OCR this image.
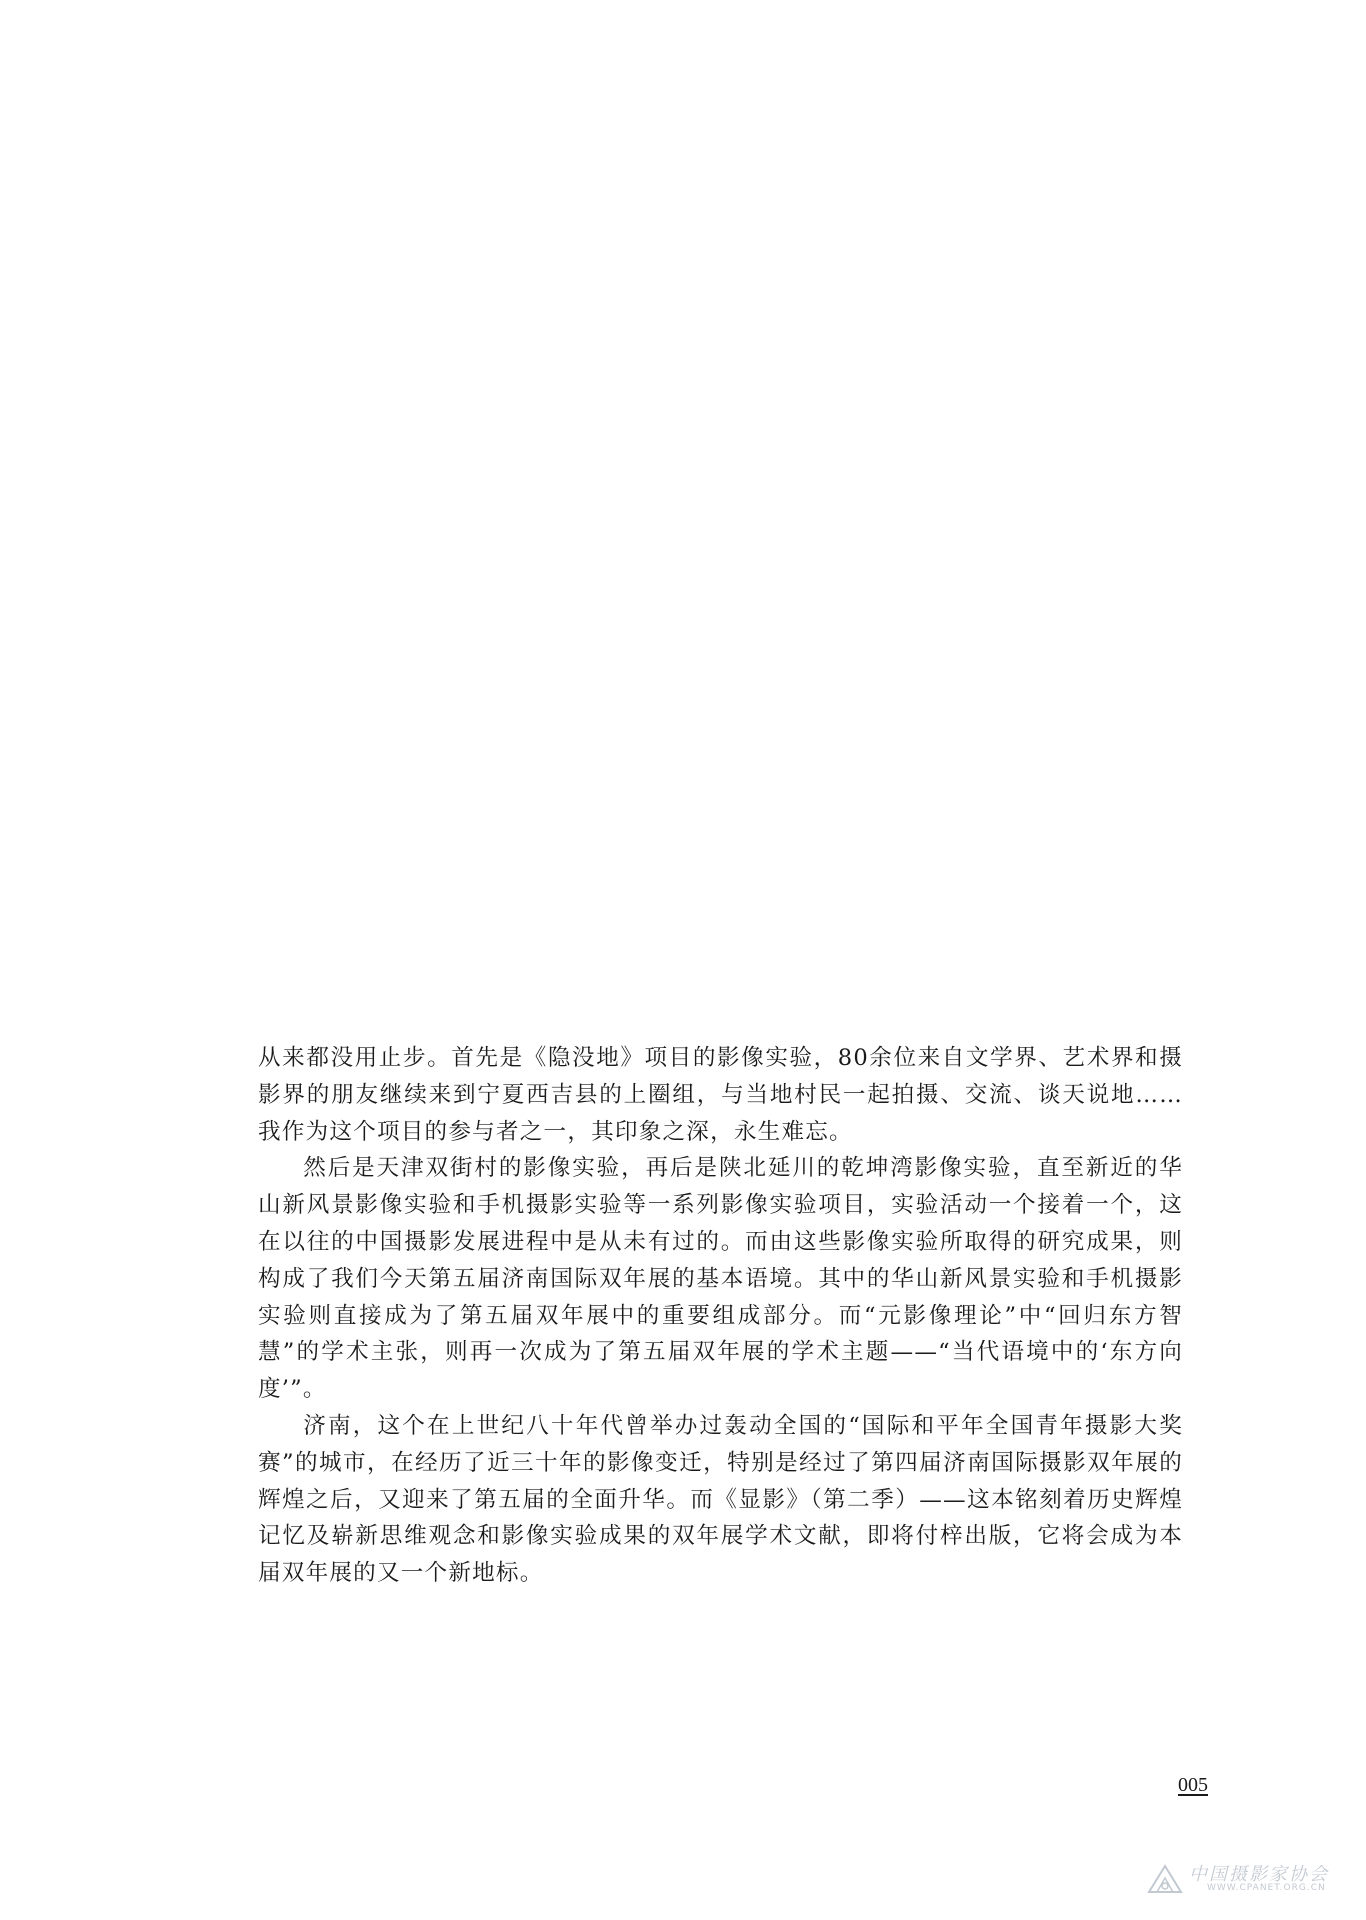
从来都没用止步。首先是《隐没地》项目的影像实验，80余位来自文学界、艺术界和摄影界的朋友继续来到宁夏西吉县的上圈组，与当地村民一起拍摄、交流、谈天说地……我作为这个项目的参与者之一，其印象之深，永生难忘。

然后是天津双街村的影像实验，再后是陕北延川的乾坤湾影像实验，直至新近的华山新风景影像实验和手机摄影实验等一系列影像实验项目，实验活动一个接着一个，这在以往的中国摄影发展进程中是从未有过的。而由这些影像实验所取得的研究成果，则构成了我们今天第五届济南国际双年展的基本语境。其中的华山新风景实验和手机摄影实验则直接成为了第五届双年展中的重要组成部分。而“元影像理论”中“回归东方智慧”的学术主张，则再一次成为了第五届双年展的学术主题——“当代语境中的‘东方向度’”。

济南，这个在上世纪八十年代曾举办过轰动全国的“国际和平年全国青年摄影大奖赛”的城市，在经历了近三十年的影像变迁，特别是经过了第四届济南国际摄影双年展的辉煌之后，又迎来了第五届的全面升华。而《显影》（第二季）——这本铭刻着历史辉煌记忆及崭新思维观念和影像实验成果的双年展学术文献，即将付梓出版，它将会成为本届双年展的又一个新地标。

005
中国摄影家协会
WWW.CPANET.ORG.CN
